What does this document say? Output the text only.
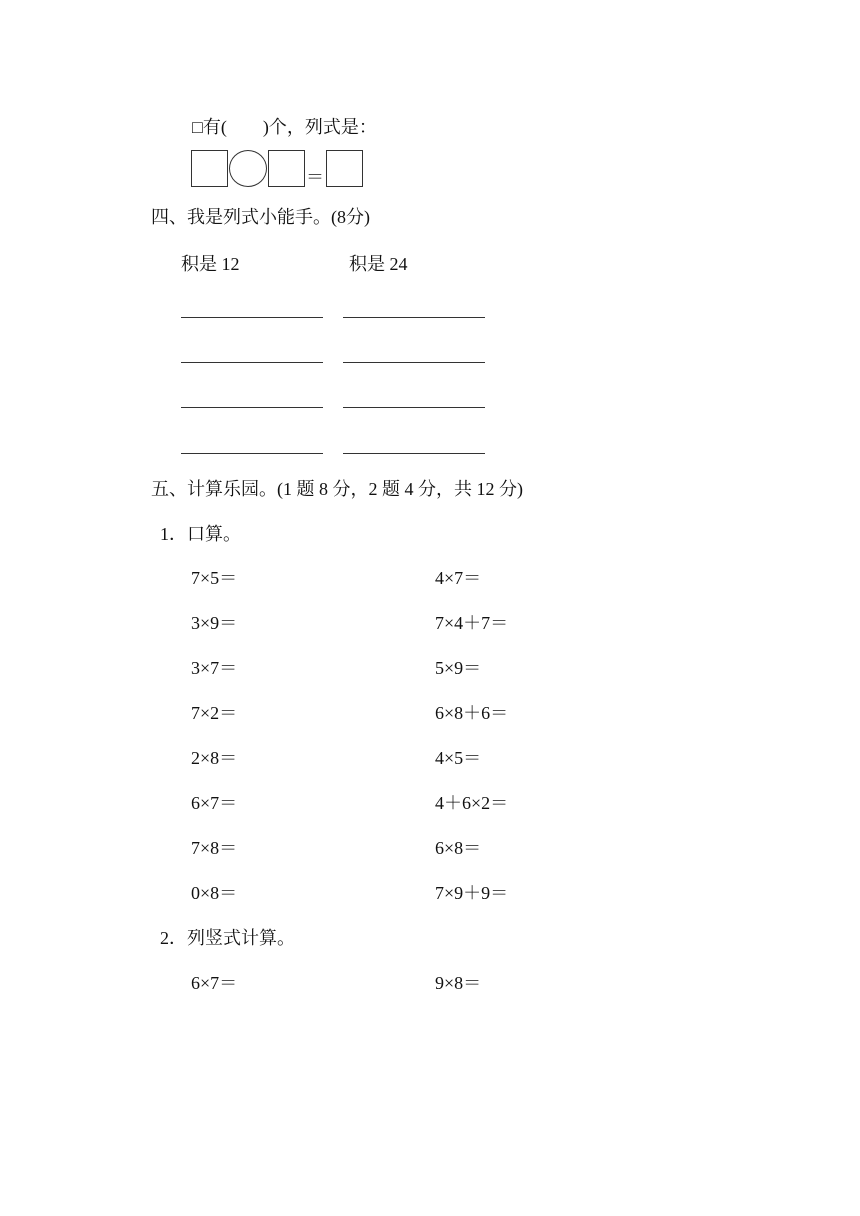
□有(　　)个，列式是：
＝
四、我是列式小能手。(8分)
积是 12	积是 24
五、计算乐园。(1 题 8 分，2 题 4 分，共 12 分)
1．口算。
7×5＝	4×7＝
3×9＝	7×4＋7＝
3×7＝	5×9＝
7×2＝	6×8＋6＝
2×8＝	4×5＝
6×7＝	4＋6×2＝
7×8＝	6×8＝
0×8＝	7×9＋9＝
2．列竖式计算。
6×7＝	9×8＝
